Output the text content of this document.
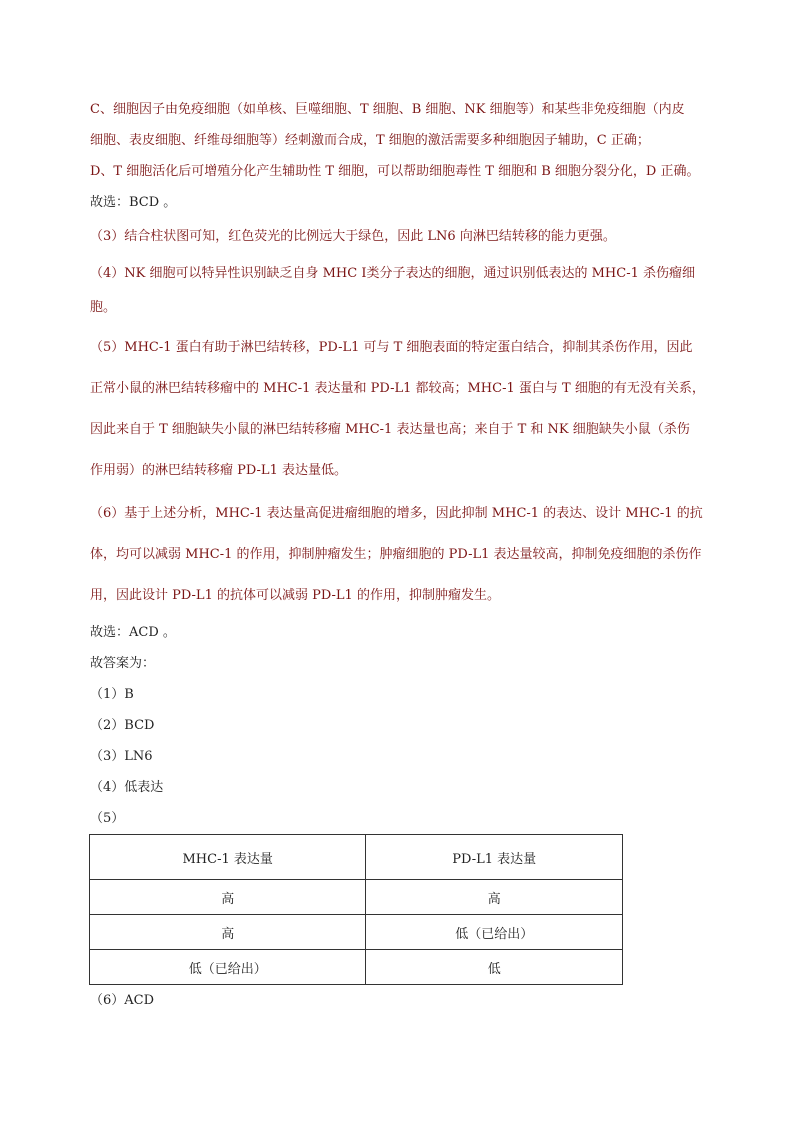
C、细胞因子由免疫细胞（如单核、巨噬细胞、T 细胞、B 细胞、NK 细胞等）和某些非免疫细胞（内皮
细胞、表皮细胞、纤维母细胞等）经刺激而合成，T 细胞的激活需要多种细胞因子辅助，C 正确；
D、T 细胞活化后可增殖分化产生辅助性 T 细胞，可以帮助细胞毒性 T 细胞和 B 细胞分裂分化，D 正确。
故选：BCD 。
（3）结合柱状图可知，红色荧光的比例远大于绿色，因此 LN6 向淋巴结转移的能力更强。
（4）NK 细胞可以特异性识别缺乏自身 MHC Ⅰ类分子表达的细胞，通过识别低表达的 MHC-1 杀伤瘤细
胞。
（5）MHC-1 蛋白有助于淋巴结转移，PD-L1 可与 T 细胞表面的特定蛋白结合，抑制其杀伤作用，因此
正常小鼠的淋巴结转移瘤中的 MHC-1 表达量和 PD-L1 都较高；MHC-1 蛋白与 T 细胞的有无没有关系，
因此来自于 T 细胞缺失小鼠的淋巴结转移瘤 MHC-1 表达量也高；来自于 T 和 NK 细胞缺失小鼠（杀伤
作用弱）的淋巴结转移瘤 PD-L1 表达量低。
（6）基于上述分析，MHC-1 表达量高促进瘤细胞的增多，因此抑制 MHC-1 的表达、设计 MHC-1 的抗
体，均可以减弱 MHC-1 的作用，抑制肿瘤发生；肿瘤细胞的 PD-L1 表达量较高，抑制免疫细胞的杀伤作
用，因此设计 PD-L1 的抗体可以减弱 PD-L1 的作用，抑制肿瘤发生。
故选：ACD 。
故答案为：
（1）B
（2）BCD
（3）LN6
（4）低表达
（5）
MHC-1 表达量	PD-L1 表达量
高	高
高	低（已给出）
低（已给出）	低
（6）ACD
